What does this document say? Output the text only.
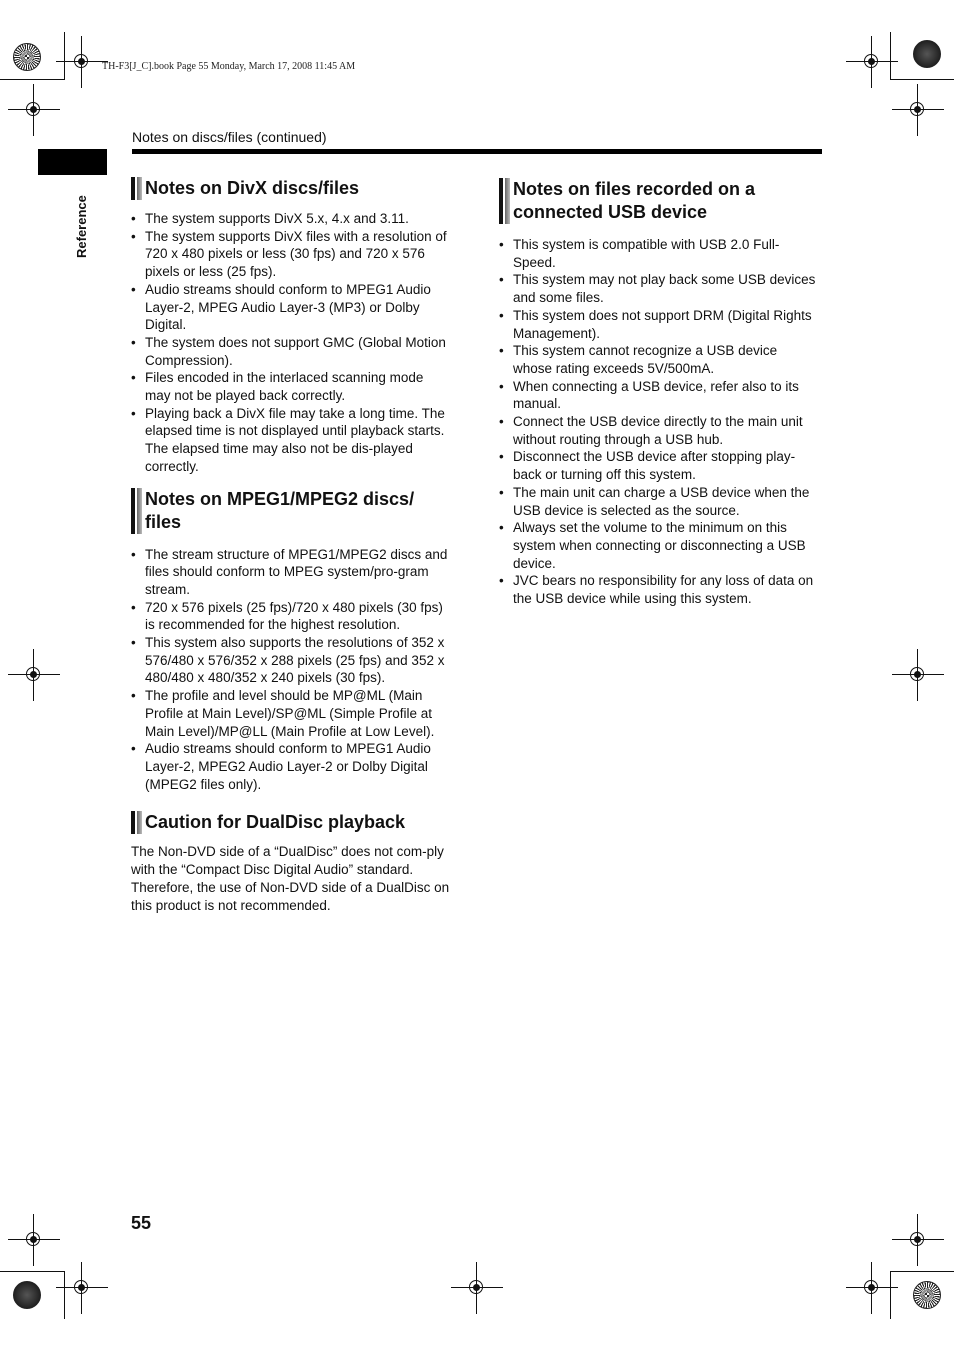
TH-F3[J_C].book Page 55 Monday, March 17, 2008 11:45 AM
Notes on discs/files (continued)
Reference
Notes on DivX discs/files
• The system supports DivX 5.x, 4.x and 3.11.
• The system supports DivX files with a resolution of 720 x 480 pixels or less (30 fps) and 720 x 576 pixels or less (25 fps).
• Audio streams should conform to MPEG1 Audio Layer-2, MPEG Audio Layer-3 (MP3) or Dolby Digital.
• The system does not support GMC (Global Motion Compression).
• Files encoded in the interlaced scanning mode may not be played back correctly.
• Playing back a DivX file may take a long time. The elapsed time is not displayed until playback starts. The elapsed time may also not be dis-played correctly.
Notes on MPEG1/MPEG2 discs/ files
• The stream structure of MPEG1/MPEG2 discs and files should conform to MPEG system/pro-gram stream.
• 720 x 576 pixels (25 fps)/720 x 480 pixels (30 fps) is recommended for the highest resolution.
• This system also supports the resolutions of 352 x 576/480 x 576/352 x 288 pixels (25 fps) and 352 x 480/480 x 480/352 x 240 pixels (30 fps).
• The profile and level should be MP@ML (Main Profile at Main Level)/SP@ML (Simple Profile at Main Level)/MP@LL (Main Profile at Low Level).
• Audio streams should conform to MPEG1 Audio Layer-2, MPEG2 Audio Layer-2 or Dolby Digital (MPEG2 files only).
Caution for DualDisc playback

The Non-DVD side of a “DualDisc” does not com-ply with the “Compact Disc Digital Audio” standard. Therefore, the use of Non-DVD side of a DualDisc on this product is not recommended.

Notes on files recorded on a connected USB device
• This system is compatible with USB 2.0 Full-Speed.
• This system may not play back some USB devices and some files.
• This system does not support DRM (Digital Rights Management).
• This system cannot recognize a USB device whose rating exceeds 5V/500mA.
• When connecting a USB device, refer also to its manual.
• Connect the USB device directly to the main unit without routing through a USB hub.
• Disconnect the USB device after stopping play-back or turning off this system.
• The main unit can charge a USB device when the USB device is selected as the source.
• Always set the volume to the minimum on this system when connecting or disconnecting a USB device.
• JVC bears no responsibility for any loss of data on the USB device while using this system.
55
